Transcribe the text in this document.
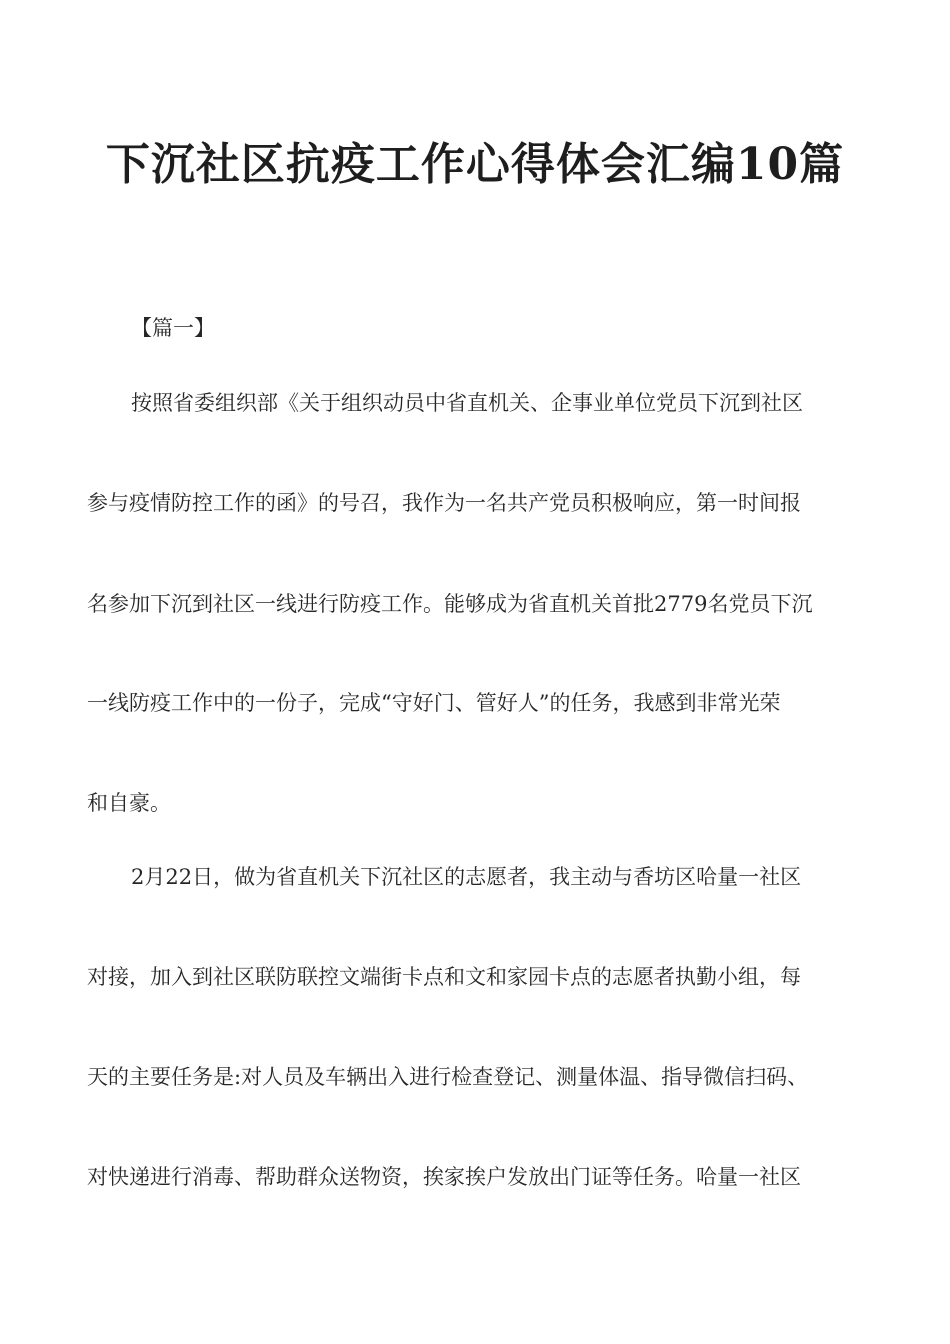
下沉社区抗疫工作心得体会汇编10篇

【篇一】

按照省委组织部《关于组织动员中省直机关、企事业单位党员下沉到社区

参与疫情防控工作的函》的号召，我作为一名共产党员积极响应，第一时间报

名参加下沉到社区一线进行防疫工作。能够成为省直机关首批2779名党员下沉

一线防疫工作中的一份子，完成“守好门、管好人”的任务，我感到非常光荣

和自豪。

2月22日，做为省直机关下沉社区的志愿者，我主动与香坊区哈量一社区

对接，加入到社区联防联控文端街卡点和文和家园卡点的志愿者执勤小组，每

天的主要任务是:对人员及车辆出入进行检查登记、测量体温、指导微信扫码、

对快递进行消毒、帮助群众送物资，挨家挨户发放出门证等任务。哈量一社区
